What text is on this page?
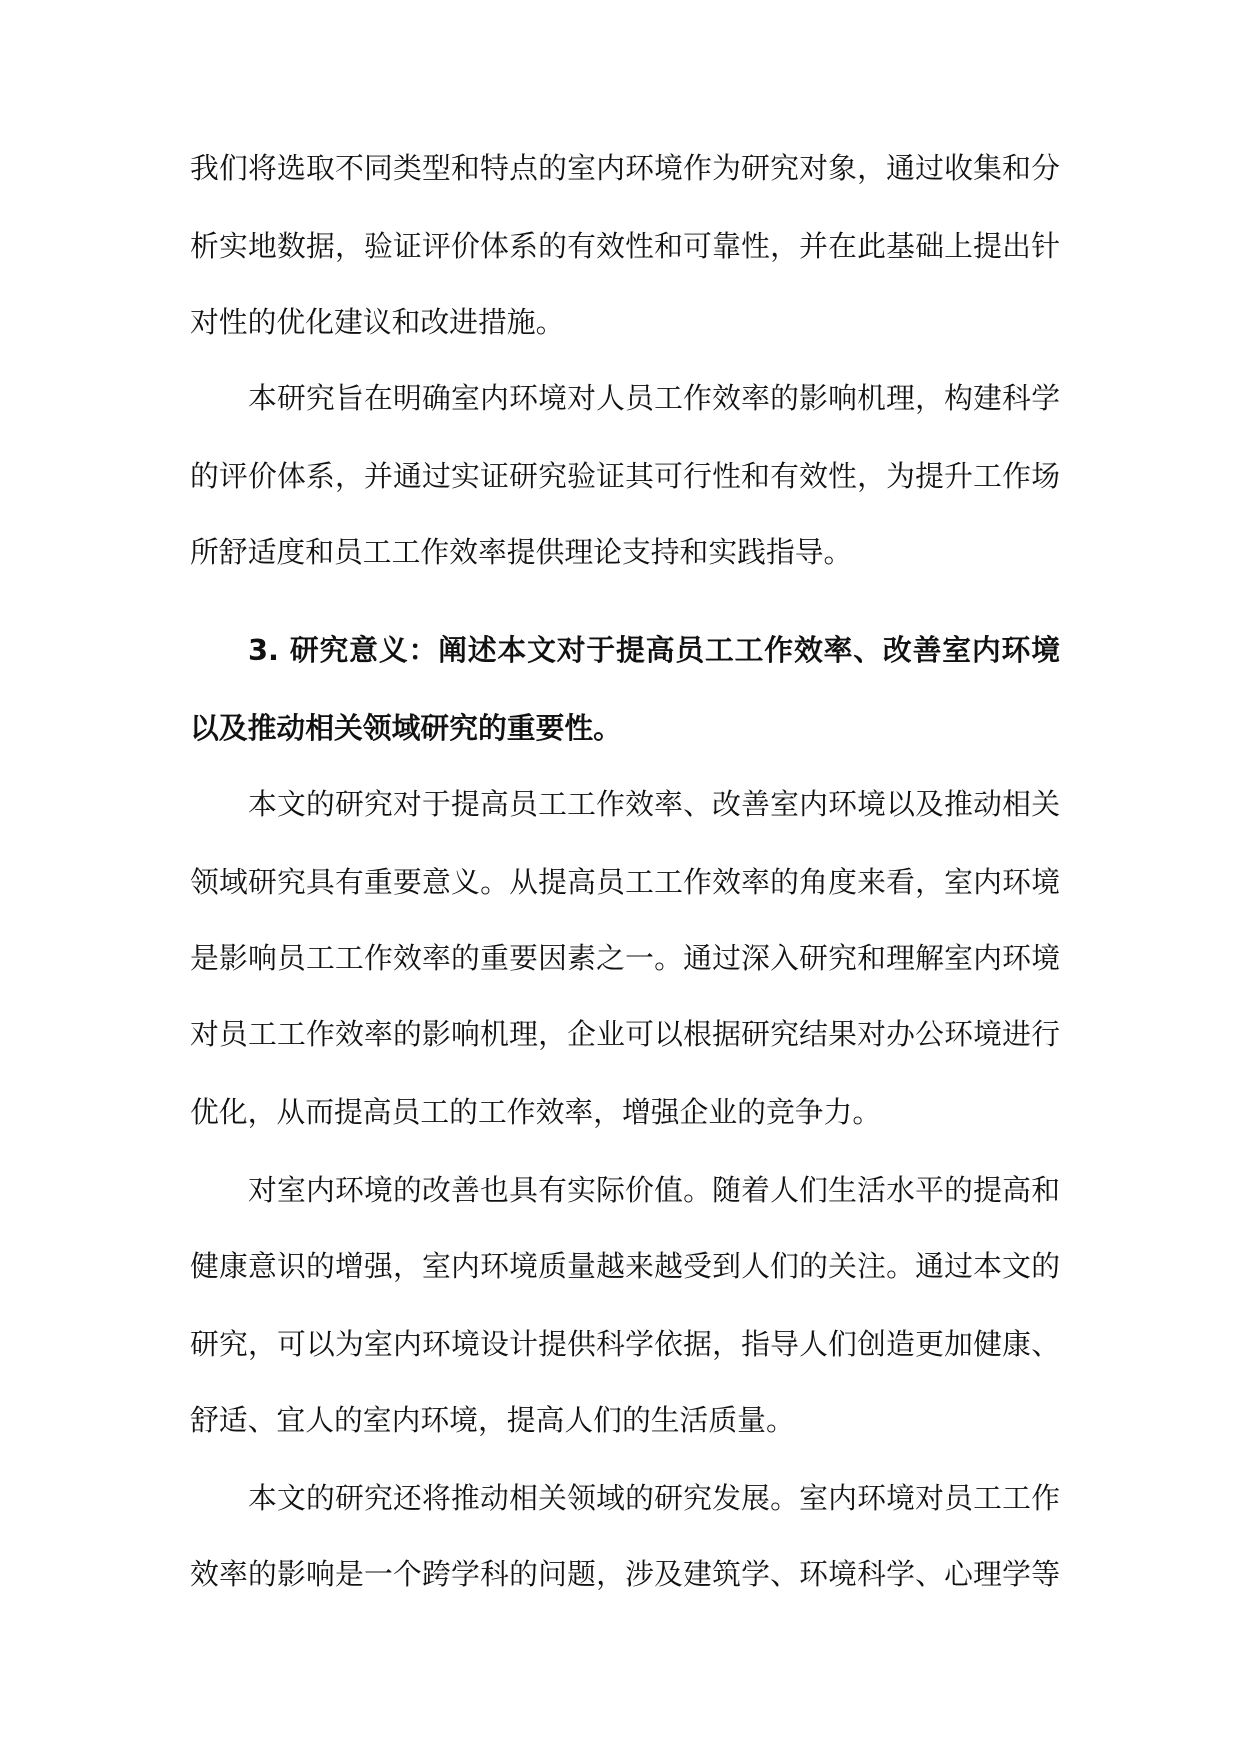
我们将选取不同类型和特点的室内环境作为研究对象，通过收集和分
析实地数据，验证评价体系的有效性和可靠性，并在此基础上提出针
对性的优化建议和改进措施。
本研究旨在明确室内环境对人员工作效率的影响机理，构建科学
的评价体系，并通过实证研究验证其可行性和有效性，为提升工作场
所舒适度和员工工作效率提供理论支持和实践指导。
3. 研究意义：阐述本文对于提高员工工作效率、改善室内环境
以及推动相关领域研究的重要性。
本文的研究对于提高员工工作效率、改善室内环境以及推动相关
领域研究具有重要意义。从提高员工工作效率的角度来看，室内环境
是影响员工工作效率的重要因素之一。通过深入研究和理解室内环境
对员工工作效率的影响机理，企业可以根据研究结果对办公环境进行
优化，从而提高员工的工作效率，增强企业的竞争力。
对室内环境的改善也具有实际价值。随着人们生活水平的提高和
健康意识的增强，室内环境质量越来越受到人们的关注。通过本文的
研究，可以为室内环境设计提供科学依据，指导人们创造更加健康、
舒适、宜人的室内环境，提高人们的生活质量。
本文的研究还将推动相关领域的研究发展。室内环境对员工工作
效率的影响是一个跨学科的问题，涉及建筑学、环境科学、心理学等
